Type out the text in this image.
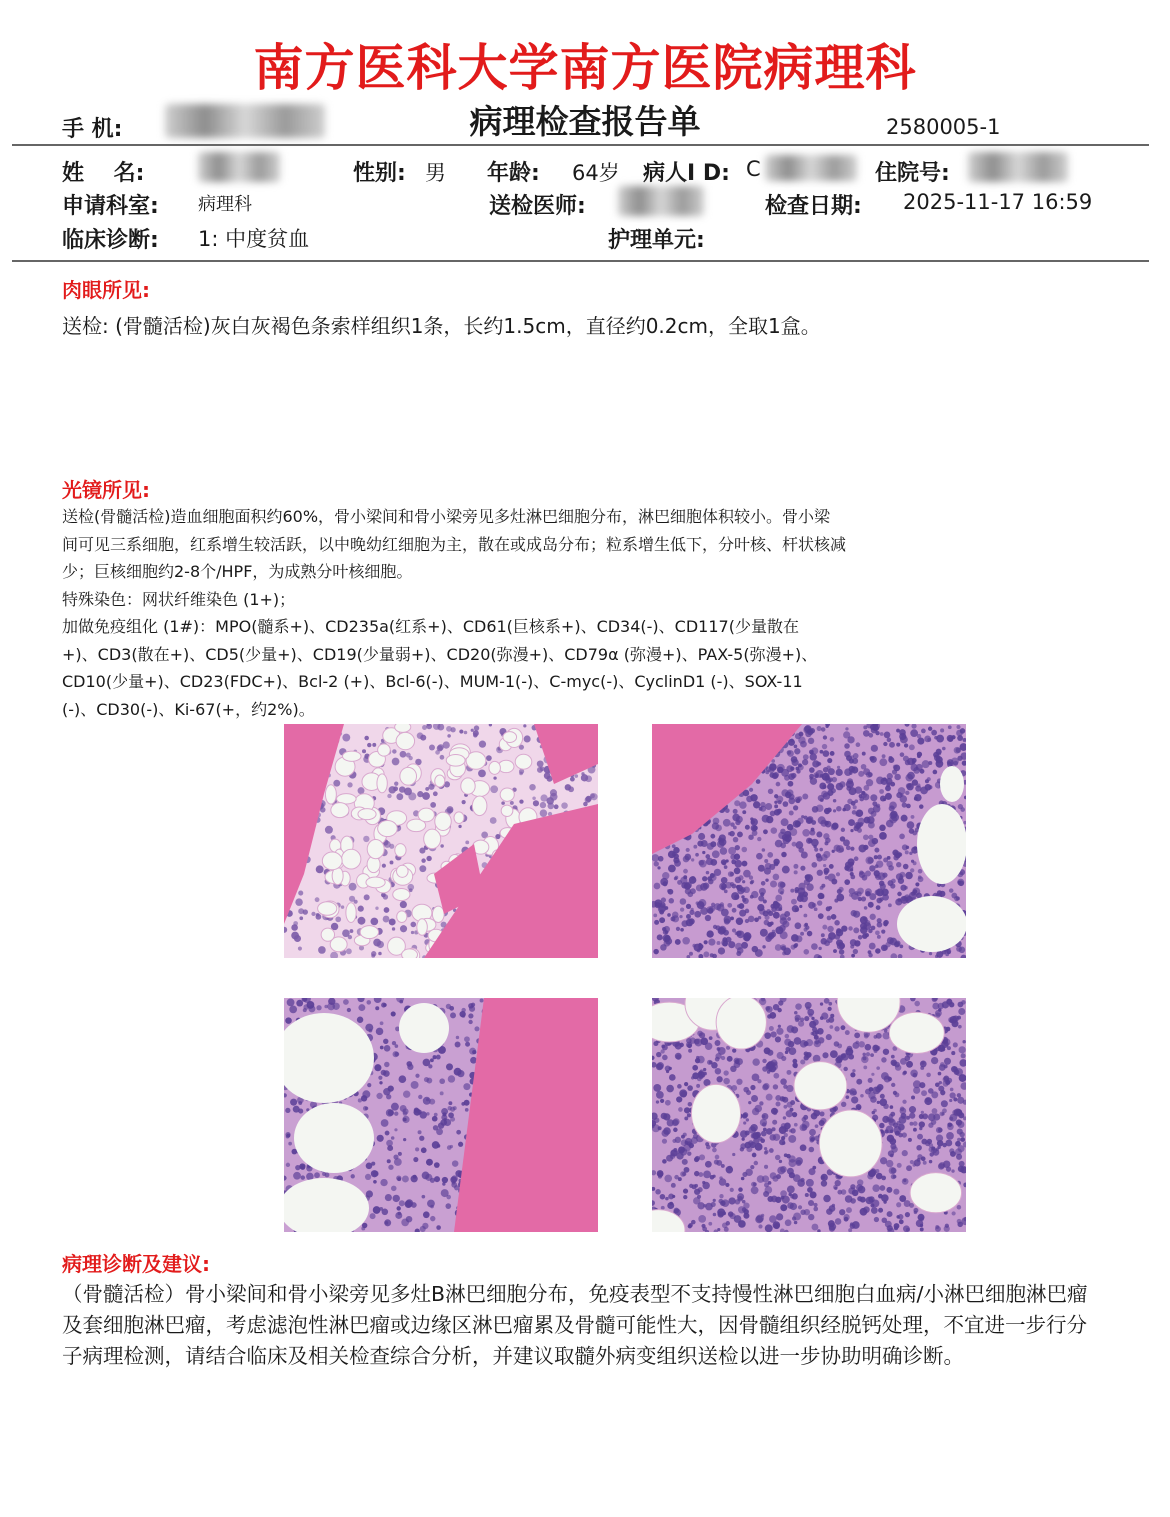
南方医科大学南方医院病理科
手 机:	病理检查报告单	2580005-1
姓　 名:	性别: 男 年龄: 64岁 病人I D: C	住院号:
申请科室: 病理科	送检医师:	检查日期: 2025-11-17 16:59
临床诊断: 1: 中度贫血	护理单元:
肉眼所见:
送检: (骨髓活检)灰白灰褐色条索样组织1条，长约1.5cm，直径约0.2cm，全取1盒。
光镜所见:

送检(骨髓活检)造血细胞面积约60%，骨小梁间和骨小梁旁见多灶淋巴细胞分布，淋巴细胞体积较小。骨小梁

间可见三系细胞，红系增生较活跃，以中晚幼红细胞为主，散在或成岛分布；粒系增生低下，分叶核、杆状核减

少；巨核细胞约2-8个/HPF，为成熟分叶核细胞。

特殊染色：网状纤维染色 (1+)；

加做免疫组化 (1#)：MPO(髓系+)、CD235a(红系+)、CD61(巨核系+)、CD34(-)、CD117(少量散在

+)、CD3(散在+)、CD5(少量+)、CD19(少量弱+)、CD20(弥漫+)、CD79α (弥漫+)、PAX-5(弥漫+)、

CD10(少量+)、CD23(FDC+)、Bcl-2 (+)、Bcl-6(-)、MUM-1(-)、C-myc(-)、CyclinD1 (-)、SOX-11

(-)、CD30(-)、Ki-67(+，约2%)。

病理诊断及建议:
（骨髓活检）骨小梁间和骨小梁旁见多灶B淋巴细胞分布，免疫表型不支持慢性淋巴细胞白血病/小淋巴细胞淋巴瘤及套细胞淋巴瘤，考虑滤泡性淋巴瘤或边缘区淋巴瘤累及骨髓可能性大，因骨髓组织经脱钙处理，不宜进一步行分子病理检测，请结合临床及相关检查综合分析，并建议取髓外病变组织送检以进一步协助明确诊断。
